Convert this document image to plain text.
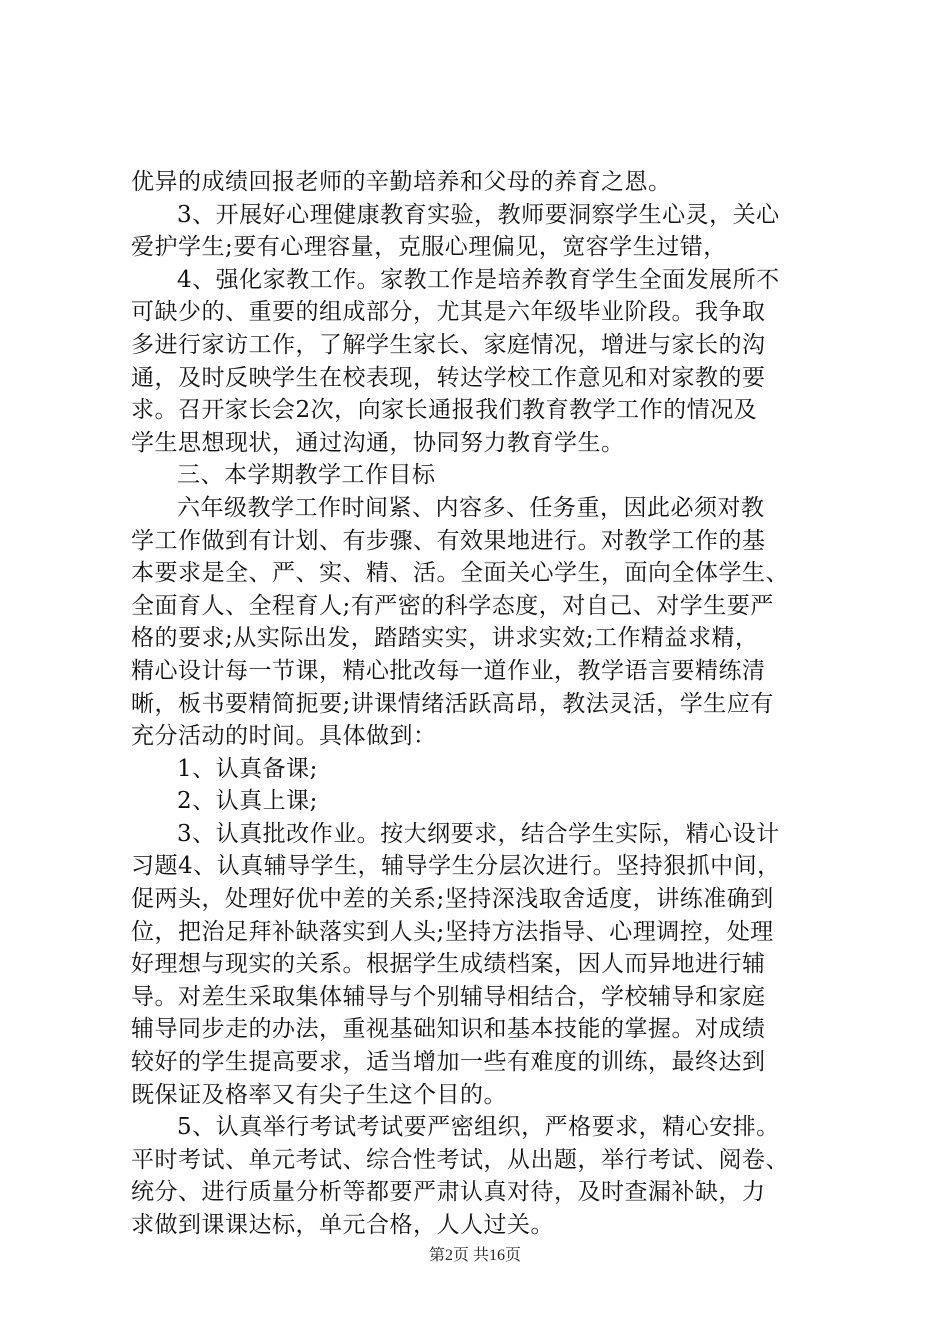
优异的成绩回报老师的辛勤培养和父母的养育之恩。
3、开展好心理健康教育实验，教师要洞察学生心灵，关心
爱护学生;要有心理容量，克服心理偏见，宽容学生过错，
4、强化家教工作。家教工作是培养教育学生全面发展所不
可缺少的、重要的组成部分，尤其是六年级毕业阶段。我争取
多进行家访工作，了解学生家长、家庭情况，增进与家长的沟
通，及时反映学生在校表现，转达学校工作意见和对家教的要
求。召开家长会2次，向家长通报我们教育教学工作的情况及
学生思想现状，通过沟通，协同努力教育学生。
三、本学期教学工作目标
六年级教学工作时间紧、内容多、任务重，因此必须对教
学工作做到有计划、有步骤、有效果地进行。对教学工作的基
本要求是全、严、实、精、活。全面关心学生，面向全体学生、
全面育人、全程育人;有严密的科学态度，对自己、对学生要严
格的要求;从实际出发，踏踏实实，讲求实效;工作精益求精，
精心设计每一节课，精心批改每一道作业，教学语言要精练清
晰，板书要精简扼要;讲课情绪活跃高昂，教法灵活，学生应有
充分活动的时间。具体做到：
1、认真备课;
2、认真上课;
3、认真批改作业。按大纲要求，结合学生实际，精心设计
习题4、认真辅导学生，辅导学生分层次进行。坚持狠抓中间，
促两头，处理好优中差的关系;坚持深浅取舍适度，讲练准确到
位，把治足拜补缺落实到人头;坚持方法指导、心理调控，处理
好理想与现实的关系。根据学生成绩档案，因人而异地进行辅
导。对差生采取集体辅导与个别辅导相结合，学校辅导和家庭
辅导同步走的办法，重视基础知识和基本技能的掌握。对成绩
较好的学生提高要求，适当增加一些有难度的训练，最终达到
既保证及格率又有尖子生这个目的。
5、认真举行考试考试要严密组织，严格要求，精心安排。
平时考试、单元考试、综合性考试，从出题，举行考试、阅卷、
统分、进行质量分析等都要严肃认真对待，及时查漏补缺，力
求做到课课达标，单元合格，人人过关。
第2页 共16页
